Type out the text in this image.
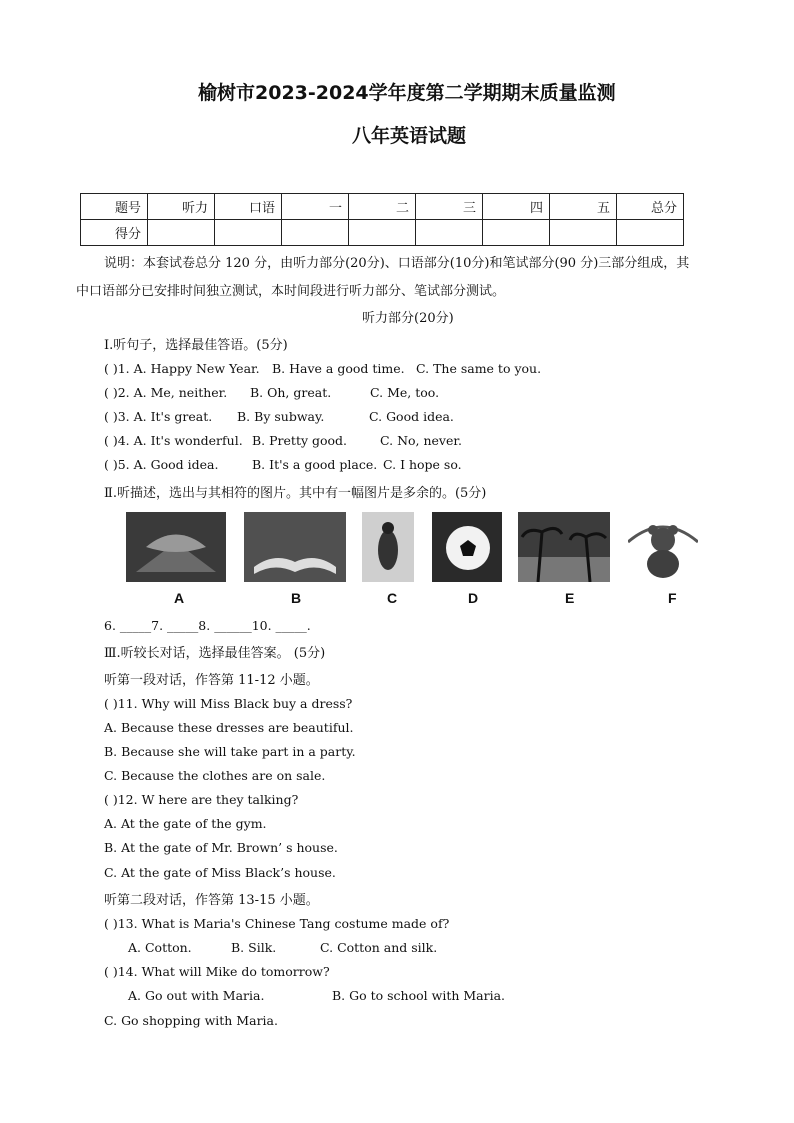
榆树市2023-2024学年度第二学期期末质量监测
八年英语试题
题号	听力	口语	一	二	三	四	五	总分
得分								
说明：本套试卷总分 120 分，由听力部分(20分)、口语部分(10分)和笔试部分(90 分)三部分组成，其
中口语部分已安排时间独立测试，本时间段进行听力部分、笔试部分测试。
听力部分(20分)
Ⅰ.听句子，选择最佳答语。(5分)
( )1. A. Happy New Year. B. Have a good time. C. The same to you.
( )2. A. Me, neither. B. Oh, great.	C. Me, too.
( )3. A. It's great. B. By subway.	C. Good idea.
( )4. A. It's wonderful. B. Pretty good.	C. No, never.
( )5. A. Good idea.	B. It's a good place. C. I hope so.
Ⅱ.听描述，选出与其相符的图片。其中有一幅图片是多余的。(5分)
A	B	C	D	E	F
6. _____7. _____8. ______10. _____.
Ⅲ.听较长对话，选择最佳答案。 (5分)
听第一段对话，作答第 11-12 小题。
( )11. Why will Miss Black buy a dress?
A. Because these dresses are beautiful.
B. Because she will take part in a party.
C. Because the clothes are on sale.
( )12. W here are they talking?
A. At the gate of the gym.
B. At the gate of Mr. Brown’ s house.
C. At the gate of Miss Black’s house.
听第二段对话，作答第 13-15 小题。
( )13. What is Maria's Chinese Tang costume made of?
A. Cotton.	B. Silk.	C. Cotton and silk.
( )14. What will Mike do tomorrow?
A. Go out with Maria.	B. Go to school with Maria.
C. Go shopping with Maria.
